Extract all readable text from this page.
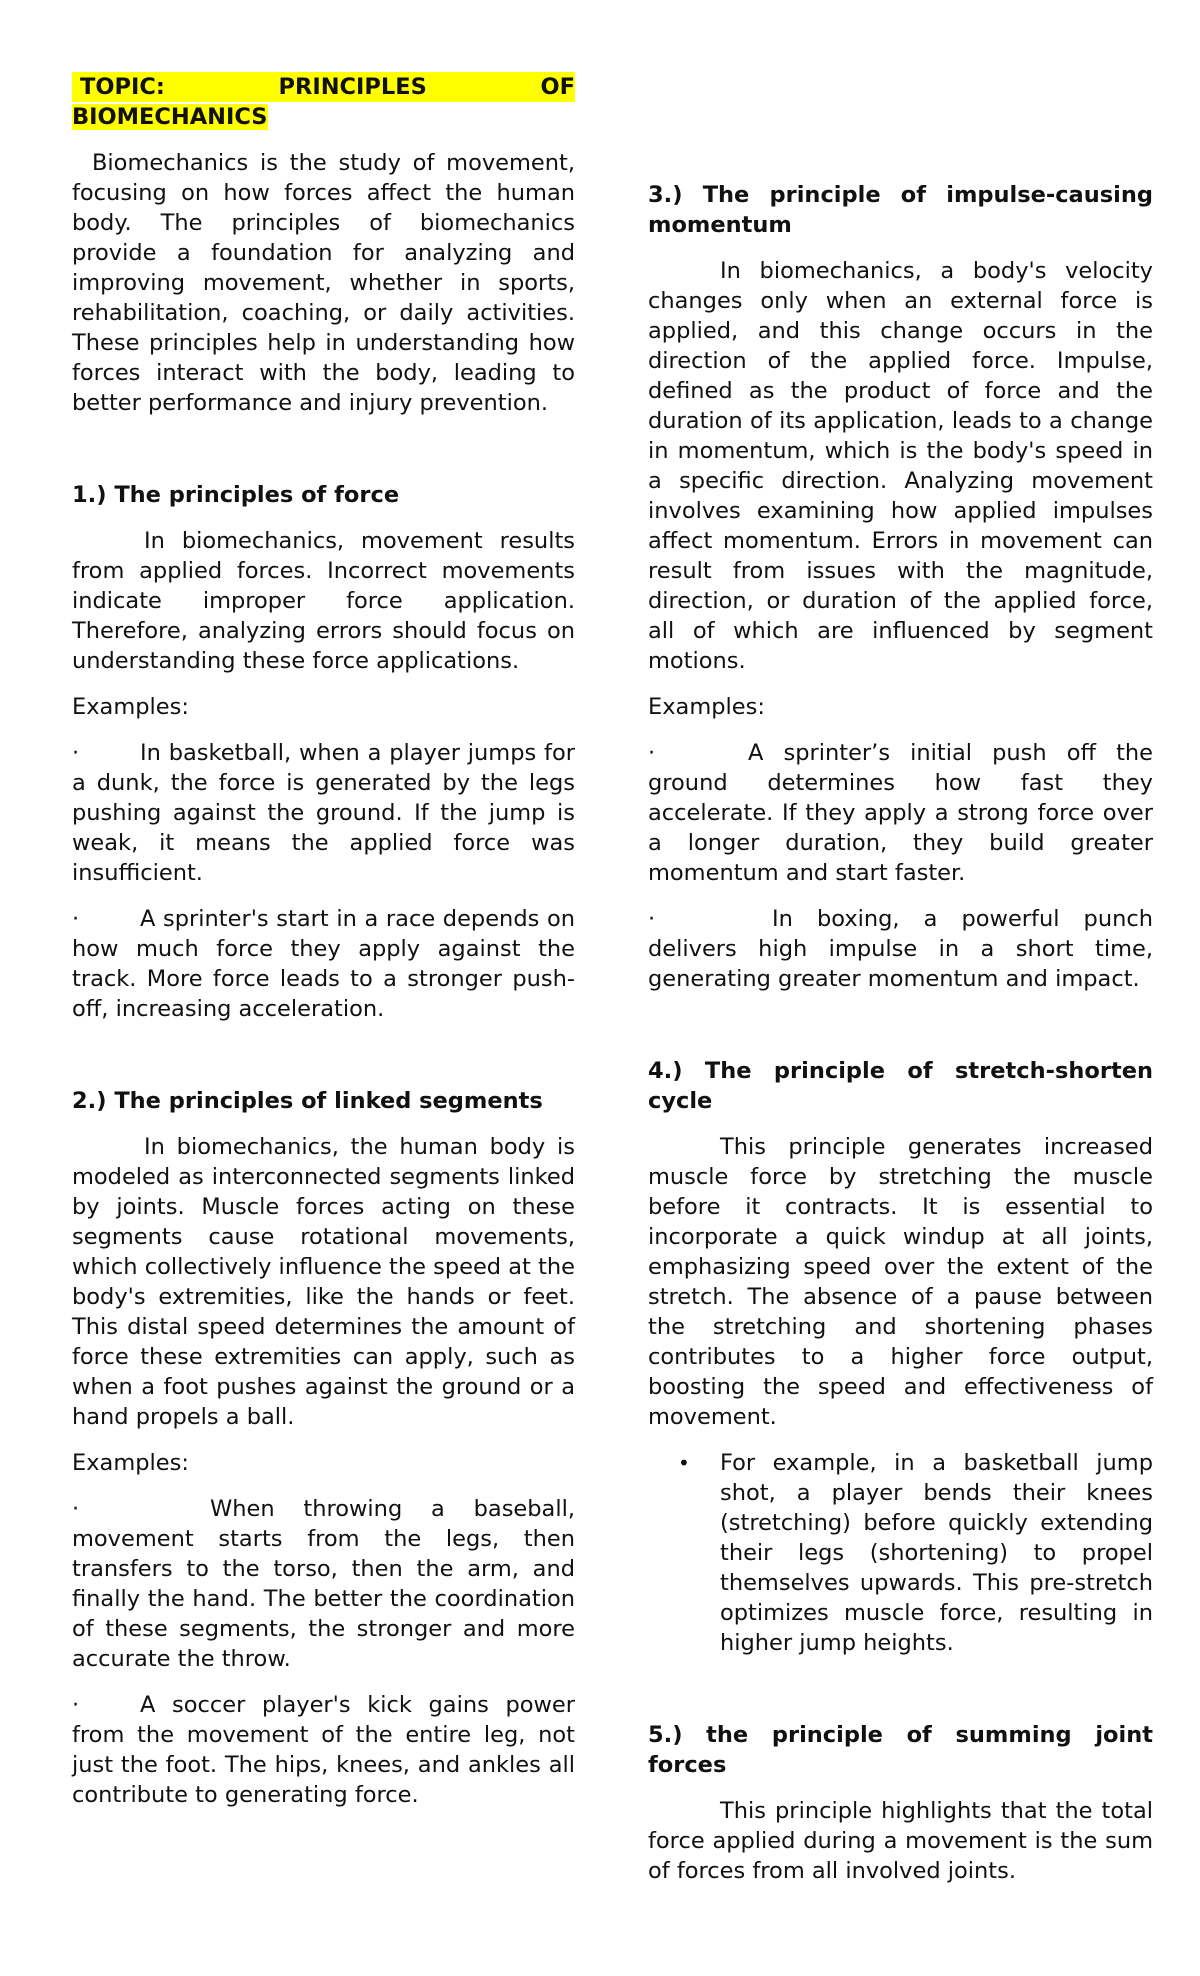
TOPIC:	PRINCIPLES	OF
BIOMECHANICS

Biomechanics is the study of movement, focusing on how forces affect the human body. The principles of biomechanics provide a foundation for analyzing and improving movement, whether in sports, rehabilitation, coaching, or daily activities. These principles help in understanding how forces interact with the body, leading to better performance and injury prevention.

1.) The principles of force

In biomechanics, movement results from applied forces. Incorrect movements indicate improper force application. Therefore, analyzing errors should focus on understanding these force applications.

Examples:

·	In basketball, when a player jumps for a dunk, the force is generated by the legs pushing against the ground. If the jump is weak, it means the applied force was insufficient.

·	A sprinter's start in a race depends on how much force they apply against the track. More force leads to a stronger push-off, increasing acceleration.

2.) The principles of linked segments

In biomechanics, the human body is modeled as interconnected segments linked by joints. Muscle forces acting on these segments cause rotational movements, which collectively influence the speed at the body's extremities, like the hands or feet. This distal speed determines the amount of force these extremities can apply, such as when a foot pushes against the ground or a hand propels a ball.

Examples:

·	When throwing a baseball, movement starts from the legs, then transfers to the torso, then the arm, and finally the hand. The better the coordination of these segments, the stronger and more accurate the throw.

·	A soccer player's kick gains power from the movement of the entire leg, not just the foot. The hips, knees, and ankles all contribute to generating force.

3.) The principle of impulse-causing momentum

In biomechanics, a body's velocity changes only when an external force is applied, and this change occurs in the direction of the applied force. Impulse, defined as the product of force and the duration of its application, leads to a change in momentum, which is the body's speed in a specific direction. Analyzing movement involves examining how applied impulses affect momentum. Errors in movement can result from issues with the magnitude, direction, or duration of the applied force, all of which are influenced by segment motions.

Examples:

·	A sprinter’s initial push off the ground determines how fast they accelerate. If they apply a strong force over a longer duration, they build greater momentum and start faster.

·	In boxing, a powerful punch delivers high impulse in a short time, generating greater momentum and impact.

4.) The principle of stretch-shorten cycle

This principle generates increased muscle force by stretching the muscle before it contracts. It is essential to incorporate a quick windup at all joints, emphasizing speed over the extent of the stretch. The absence of a pause between the stretching and shortening phases contributes to a higher force output, boosting the speed and effectiveness of movement.

•	For example, in a basketball jump shot, a player bends their knees (stretching) before quickly extending their legs (shortening) to propel themselves upwards. This pre-stretch optimizes muscle force, resulting in higher jump heights.
5.) the principle of summing joint forces

This principle highlights that the total force applied during a movement is the sum of forces from all involved joints.
